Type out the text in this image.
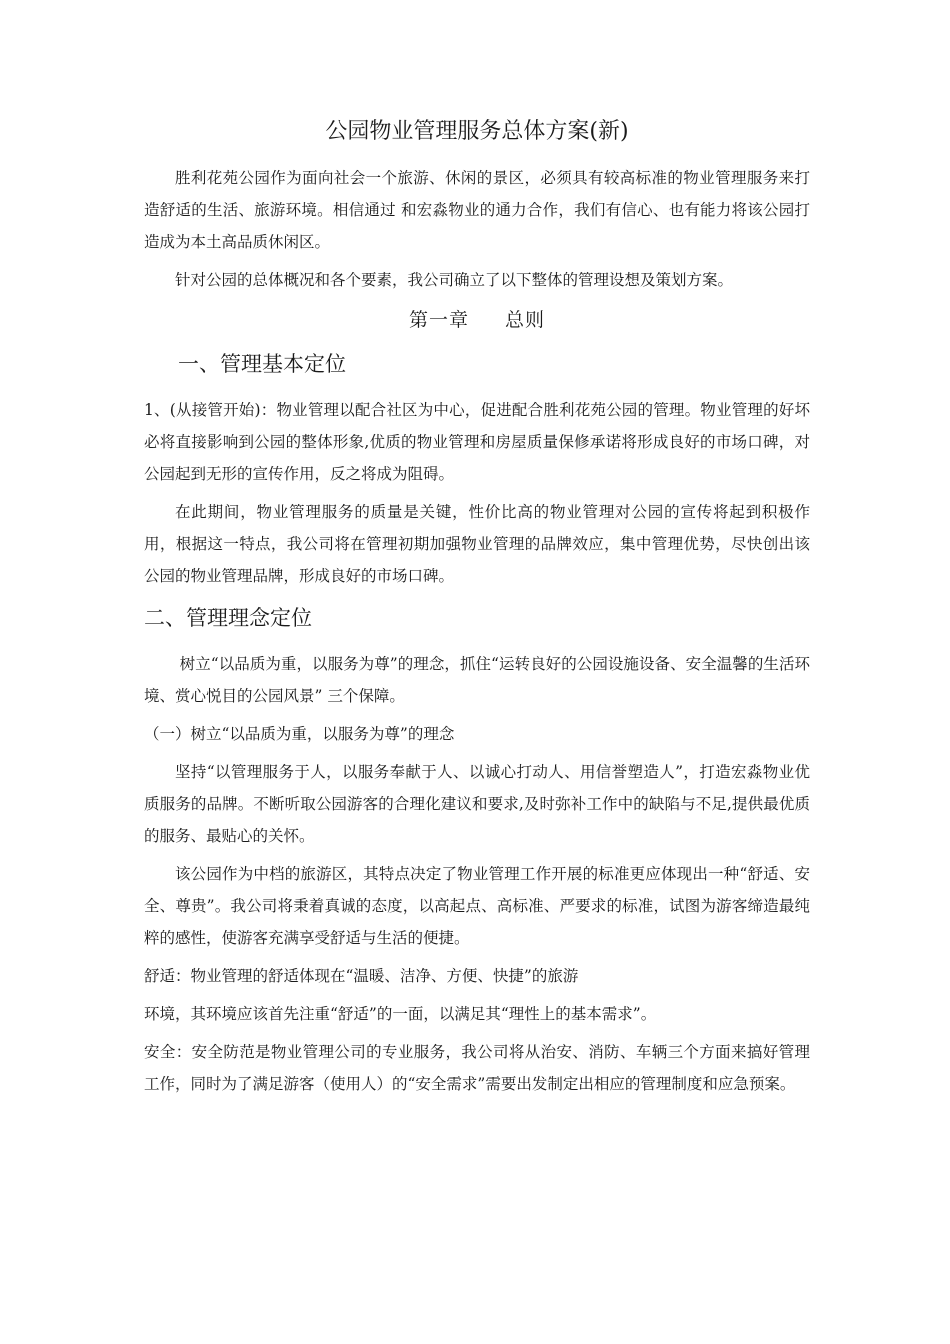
公园物业管理服务总体方案(新)

胜利花苑公园作为面向社会一个旅游、休闲的景区，必须具有较高标准的物业管理服务来打造舒适的生活、旅游环境。相信通过 和宏淼物业的通力合作，我们有信心、也有能力将该公园打造成为本土高品质休闲区。

针对公园的总体概况和各个要素，我公司确立了以下整体的管理设想及策划方案。

第一章 总则
一、管理基本定位

1、(从接管开始)：物业管理以配合社区为中心，促进配合胜利花苑公园的管理。物业管理的好坏必将直接影响到公园的整体形象,优质的物业管理和房屋质量保修承诺将形成良好的市场口碑，对公园起到无形的宣传作用，反之将成为阻碍。

在此期间，物业管理服务的质量是关键，性价比高的物业管理对公园的宣传将起到积极作用，根据这一特点，我公司将在管理初期加强物业管理的品牌效应，集中管理优势，尽快创出该公园的物业管理品牌，形成良好的市场口碑。

二、管理理念定位

树立“以品质为重，以服务为尊”的理念，抓住“运转良好的公园设施设备、安全温馨的生活环境、赏心悦目的公园风景” 三个保障。

（一）树立“以品质为重，以服务为尊”的理念

坚持“以管理服务于人，以服务奉献于人、以诚心打动人、用信誉塑造人”，打造宏淼物业优质服务的品牌。不断听取公园游客的合理化建议和要求,及时弥补工作中的缺陷与不足,提供最优质的服务、最贴心的关怀。

该公园作为中档的旅游区，其特点决定了物业管理工作开展的标准更应体现出一种“舒适、安全、尊贵”。我公司将秉着真诚的态度，以高起点、高标准、严要求的标准，试图为游客缔造最纯粹的感性，使游客充满享受舒适与生活的便捷。

舒适：物业管理的舒适体现在“温暖、洁净、方便、快捷”的旅游
环境，其环境应该首先注重“舒适”的一面，以满足其“理性上的基本需求”。

安全：安全防范是物业管理公司的专业服务，我公司将从治安、消防、车辆三个方面来搞好管理工作，同时为了满足游客（使用人）的“安全需求”需要出发制定出相应的管理制度和应急预案。
